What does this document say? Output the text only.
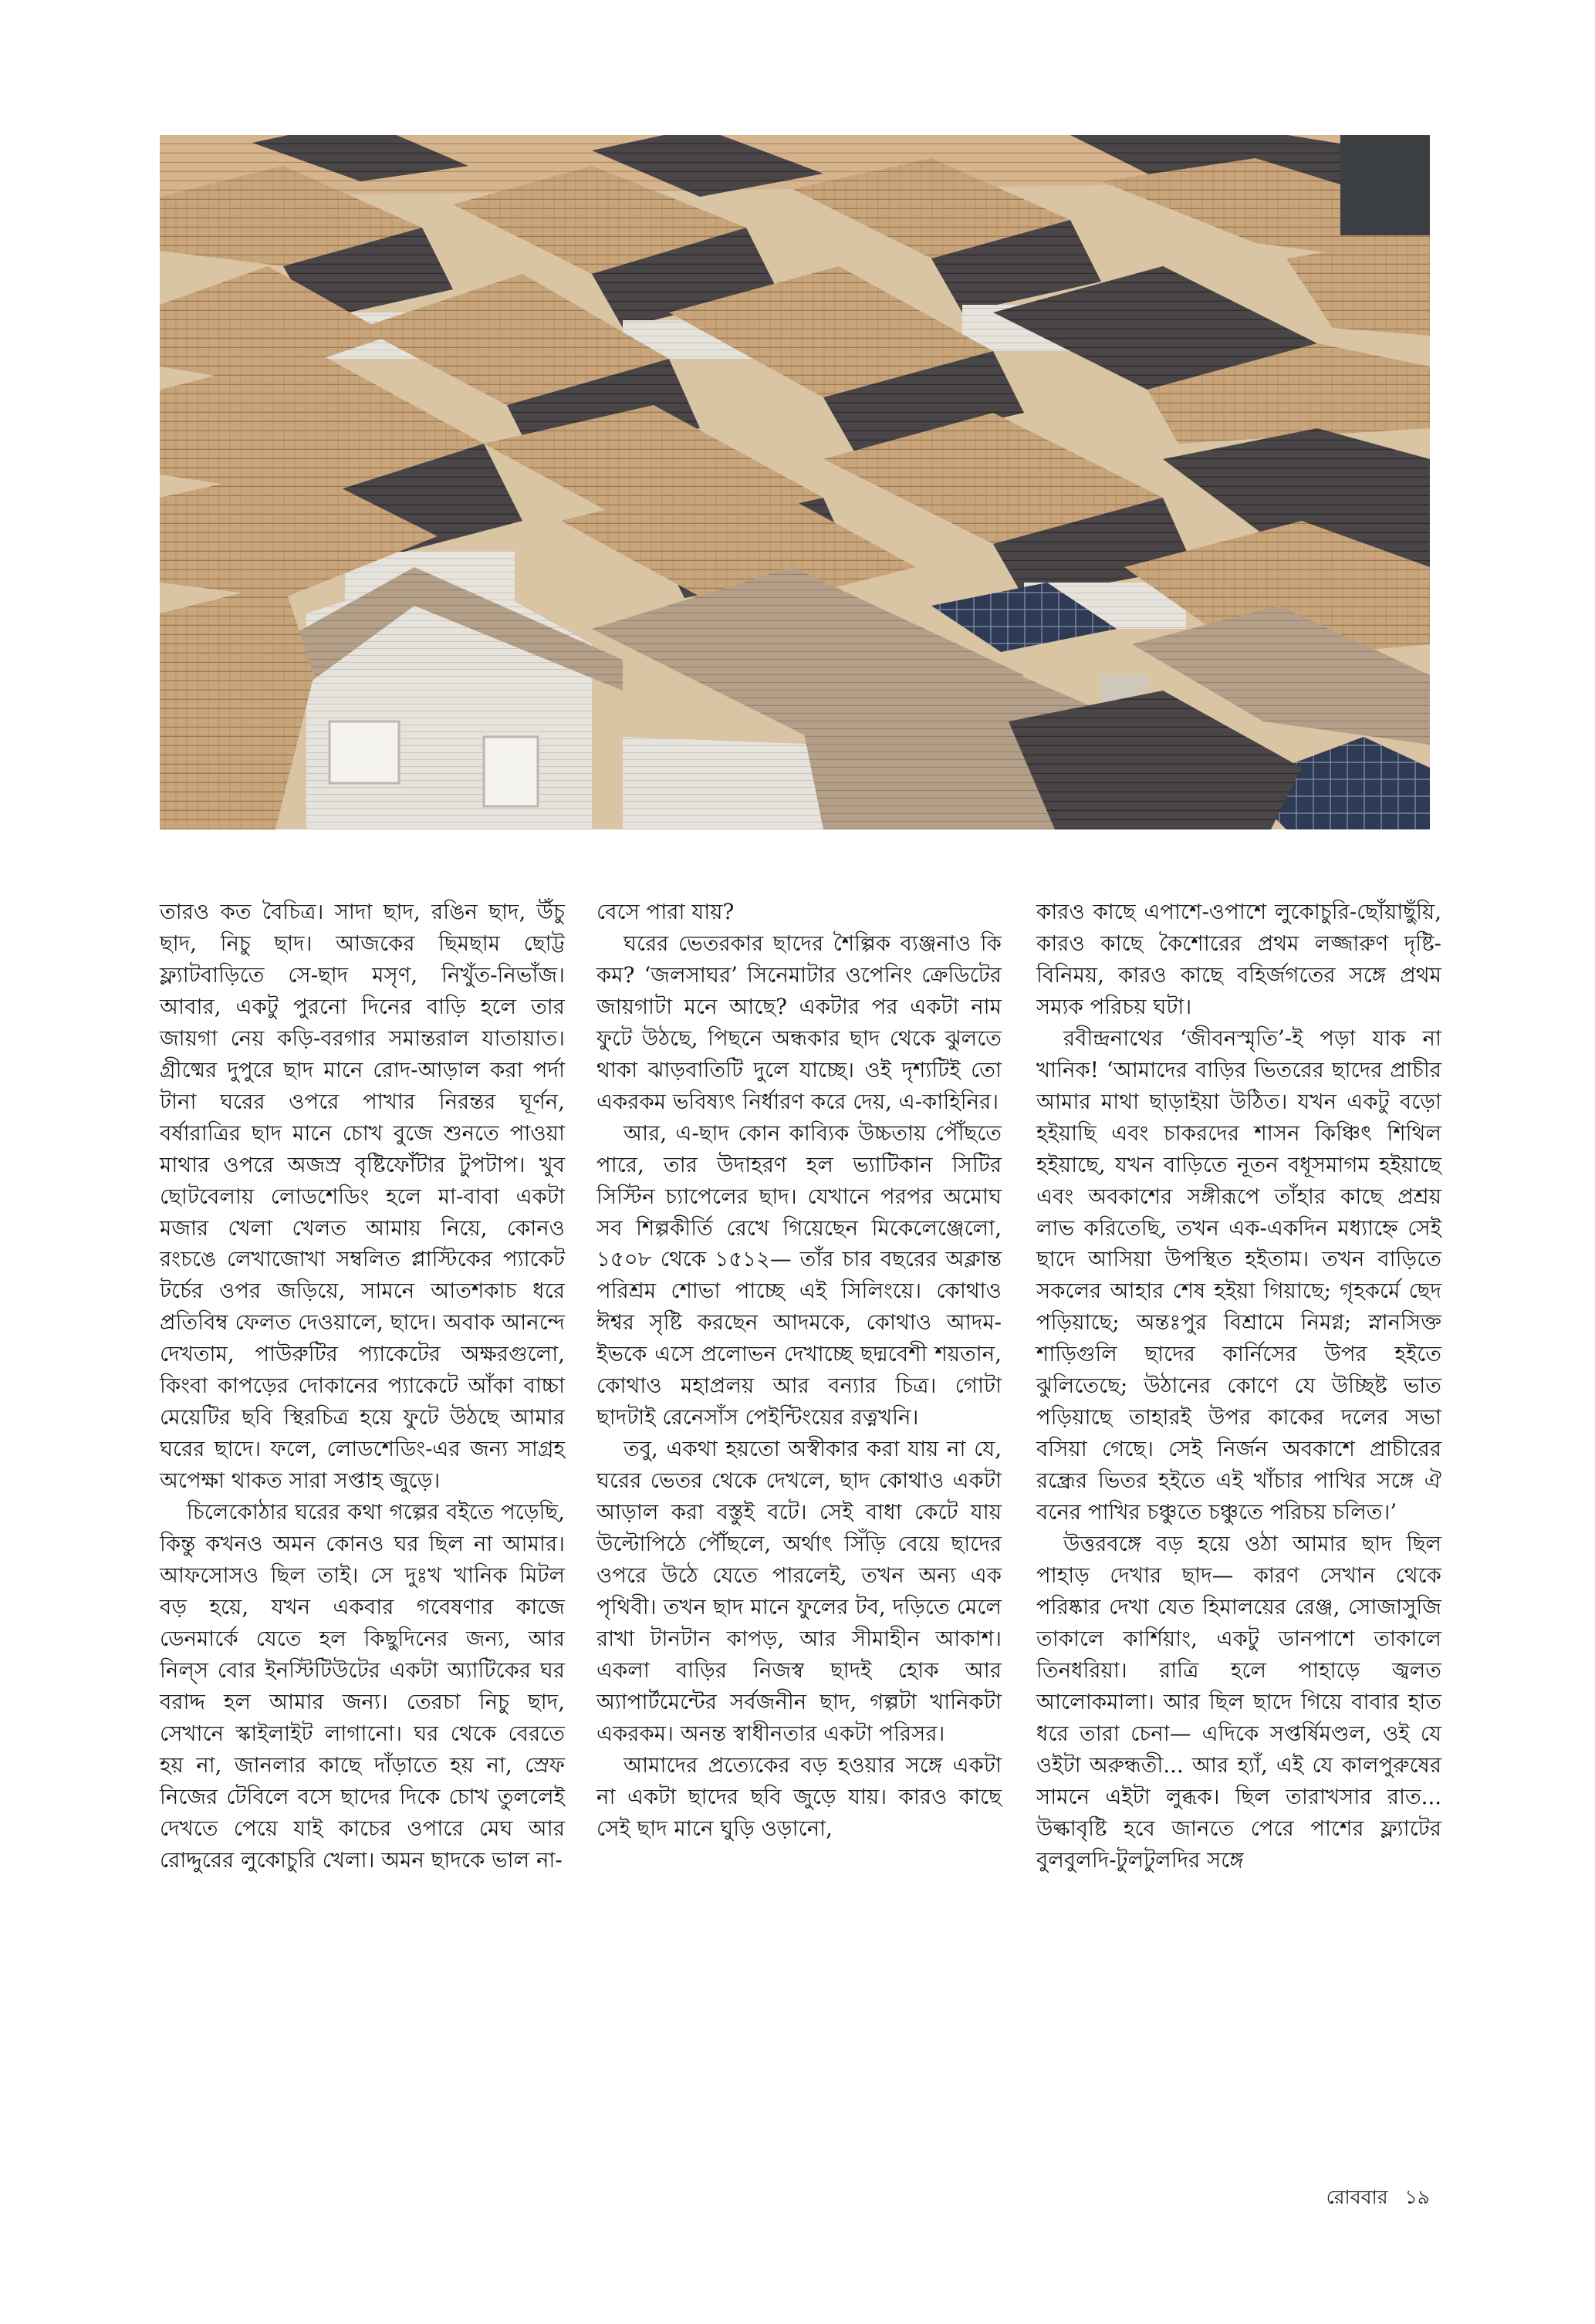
তারও কত বৈচিত্র। সাদা ছাদ, রঙিন ছাদ, উঁচু ছাদ, নিচু ছাদ। আজকের ছিমছাম ছোট্ট ফ্ল্যাটবাড়িতে সে-ছাদ মসৃণ, নিখুঁত-নিভাঁজ। আবার, একটু পুরনো দিনের বাড়ি হলে তার জায়গা নেয় কড়ি-বরগার সমান্তরাল যাতায়াত। গ্রীষ্মের দুপুরে ছাদ মানে রোদ-আড়াল করা পর্দা টানা ঘরের ওপরে পাখার নিরন্তর ঘূর্ণন, বর্ষারাত্রির ছাদ মানে চোখ বুজে শুনতে পাওয়া মাথার ওপরে অজস্র বৃষ্টিফোঁটার টুপটাপ। খুব ছোটবেলায় লোডশেডিং হলে মা-বাবা একটা মজার খেলা খেলত আমায় নিয়ে, কোনও রংচঙে লেখাজোখা সম্বলিত প্লাস্টিকের প্যাকেট টর্চের ওপর জড়িয়ে, সামনে আতশকাচ ধরে প্রতিবিম্ব ফেলত দেওয়ালে, ছাদে। অবাক আনন্দে দেখতাম, পাউরুটির প্যাকেটের অক্ষরগুলো, কিংবা কাপড়ের দোকানের প্যাকেটে আঁকা বাচ্চা মেয়েটির ছবি স্থিরচিত্র হয়ে ফুটে উঠছে আমার ঘরের ছাদে। ফলে, লোডশেডিং-এর জন্য সাগ্রহ অপেক্ষা থাকত সারা সপ্তাহ জুড়ে।

চিলেকোঠার ঘরের কথা গল্পের বইতে পড়েছি, কিন্তু কখনও অমন কোনও ঘর ছিল না আমার। আফসোসও ছিল তাই। সে দুঃখ খানিক মিটল বড় হয়ে, যখন একবার গবেষণার কাজে ডেনমার্কে যেতে হল কিছুদিনের জন্য, আর নিল্‌স বোর ইনস্টিটিউটের একটা অ্যাটিকের ঘর বরাদ্দ হল আমার জন্য। তেরচা নিচু ছাদ, সেখানে স্কাইলাইট লাগানো। ঘর থেকে বেরতে হয় না, জানলার কাছে দাঁড়াতে হয় না, স্রেফ নিজের টেবিলে বসে ছাদের দিকে চোখ তুললেই দেখতে পেয়ে যাই কাচের ওপারে মেঘ আর রোদ্দুরের লুকোচুরি খেলা। অমন ছাদকে ভাল না-

বেসে পারা যায়?

ঘরের ভেতরকার ছাদের শৈল্পিক ব্যঞ্জনাও কি কম? ‘জলসাঘর’ সিনেমাটার ওপেনিং ক্রেডিটের জায়গাটা মনে আছে? একটার পর একটা নাম ফুটে উঠছে, পিছনে অন্ধকার ছাদ থেকে ঝুলতে থাকা ঝাড়বাতিটি দুলে যাচ্ছে। ওই দৃশ্যটিই তো একরকম ভবিষ্যৎ নির্ধারণ করে দেয়, এ-কাহিনির।

আর, এ-ছাদ কোন কাব্যিক উচ্চতায় পৌঁছতে পারে, তার উদাহরণ হল ভ্যাটিকান সিটির সিস্টিন চ্যাপেলের ছাদ। যেখানে পরপর অমোঘ সব শিল্পকীর্তি রেখে গিয়েছেন মিকেলেঞ্জেলো, ১৫০৮ থেকে ১৫১২— তাঁর চার বছরের অক্লান্ত পরিশ্রম শোভা পাচ্ছে এই সিলিংয়ে। কোথাও ঈশ্বর সৃষ্টি করছেন আদমকে, কোথাও আদম-ইভকে এসে প্রলোভন দেখাচ্ছে ছদ্মবেশী শয়তান, কোথাও মহাপ্রলয় আর বন্যার চিত্র। গোটা ছাদটাই রেনেসাঁস পেইন্টিংয়ের রত্নখনি।

তবু, একথা হয়তো অস্বীকার করা যায় না যে, ঘরের ভেতর থেকে দেখলে, ছাদ কোথাও একটা আড়াল করা বস্তুই বটে। সেই বাধা কেটে যায় উল্টোপিঠে পৌঁছলে, অর্থাৎ সিঁড়ি বেয়ে ছাদের ওপরে উঠে যেতে পারলেই, তখন অন্য এক পৃথিবী। তখন ছাদ মানে ফুলের টব, দড়িতে মেলে রাখা টানটান কাপড়, আর সীমাহীন আকাশ। একলা বাড়ির নিজস্ব ছাদই হোক আর অ্যাপার্টমেন্টের সর্বজনীন ছাদ, গল্পটা খানিকটা একরকম। অনন্ত স্বাধীনতার একটা পরিসর।

আমাদের প্রত্যেকের বড় হওয়ার সঙ্গে একটা না একটা ছাদের ছবি জুড়ে যায়। কারও কাছে সেই ছাদ মানে ঘুড়ি ওড়ানো,

কারও কাছে এপাশে-ওপাশে লুকোচুরি-ছোঁয়াছুঁয়ি, কারও কাছে কৈশোরের প্রথম লজ্জারুণ দৃষ্টি-বিনিময়, কারও কাছে বহির্জগতের সঙ্গে প্রথম সম্যক পরিচয় ঘটা।

রবীন্দ্রনাথের ‘জীবনস্মৃতি’-ই পড়া যাক না খানিক! ‘আমাদের বাড়ির ভিতরের ছাদের প্রাচীর আমার মাথা ছাড়াইয়া উঠিত। যখন একটু বড়ো হইয়াছি এবং চাকরদের শাসন কিঞ্চিৎ শিথিল হইয়াছে, যখন বাড়িতে নূতন বধূসমাগম হইয়াছে এবং অবকাশের সঙ্গীরূপে তাঁহার কাছে প্রশ্রয় লাভ করিতেছি, তখন এক-একদিন মধ্যাহ্নে সেই ছাদে আসিয়া উপস্থিত হইতাম। তখন বাড়িতে সকলের আহার শেষ হইয়া গিয়াছে; গৃহকর্মে ছেদ পড়িয়াছে; অন্তঃপুর বিশ্রামে নিমগ্ন; স্নানসিক্ত শাড়িগুলি ছাদের কার্নিসের উপর হইতে ঝুলিতেছে; উঠানের কোণে যে উচ্ছিষ্ট ভাত পড়িয়াছে তাহারই উপর কাকের দলের সভা বসিয়া গেছে। সেই নির্জন অবকাশে প্রাচীরের রন্ধ্রের ভিতর হইতে এই খাঁচার পাখির সঙ্গে ঐ বনের পাখির চঞ্চুতে চঞ্চুতে পরিচয় চলিত।’

উত্তরবঙ্গে বড় হয়ে ওঠা আমার ছাদ ছিল পাহাড় দেখার ছাদ— কারণ সেখান থেকে পরিষ্কার দেখা যেত হিমালয়ের রেঞ্জ, সোজাসুজি তাকালে কার্শিয়াং, একটু ডানপাশে তাকালে তিনধরিয়া। রাত্রি হলে পাহাড়ে জ্বলত আলোকমালা। আর ছিল ছাদে গিয়ে বাবার হাত ধরে তারা চেনা— এদিকে সপ্তর্ষিমণ্ডল, ওই যে ওইটা অরুন্ধতী... আর হ্যাঁ, এই যে কালপুরুষের সামনে এইটা লুব্ধক। ছিল তারাখসার রাত... উল্কাবৃষ্টি হবে জানতে পেরে পাশের ফ্ল্যাটের বুলবুলদি-টুলটুলদির সঙ্গে

রোববার ১৯
